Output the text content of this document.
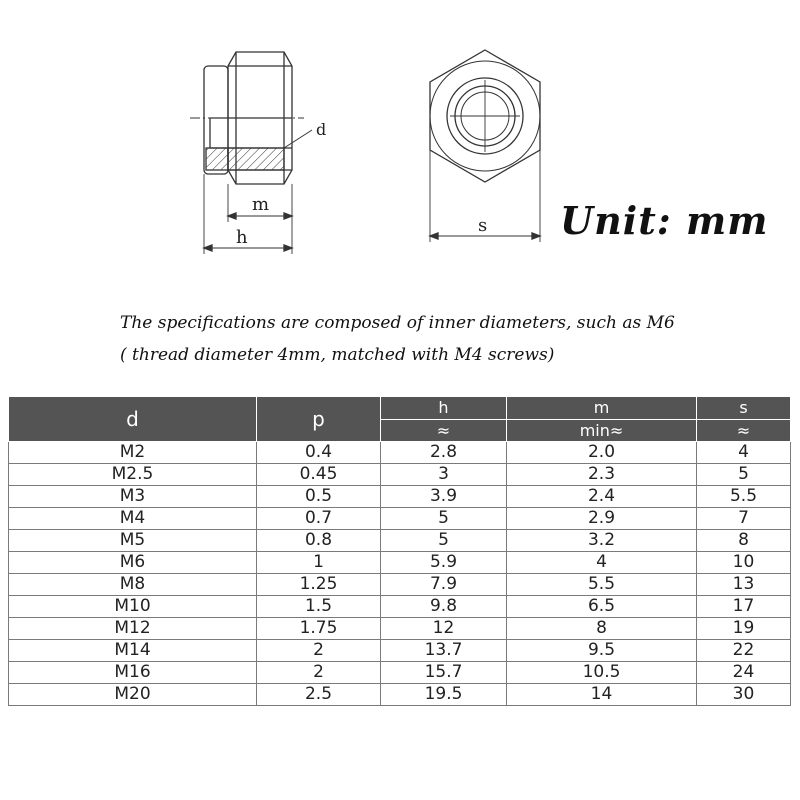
d
m
h
s Unit: mm
The specifications are composed of inner diameters, such as M6
( thread diameter 4mm, matched with M4 screws)
d	p	h	m	s
		≈	min≈	≈
M2	0.4	2.8	2.0	4
M2.5	0.45	3	2.3	5
M3	0.5	3.9	2.4	5.5
M4	0.7	5	2.9	7
M5	0.8	5	3.2	8
M6	1	5.9	4	10
M8	1.25	7.9	5.5	13
M10	1.5	9.8	6.5	17
M12	1.75	12	8	19
M14	2	13.7	9.5	22
M16	2	15.7	10.5	24
M20	2.5	19.5	14	30
